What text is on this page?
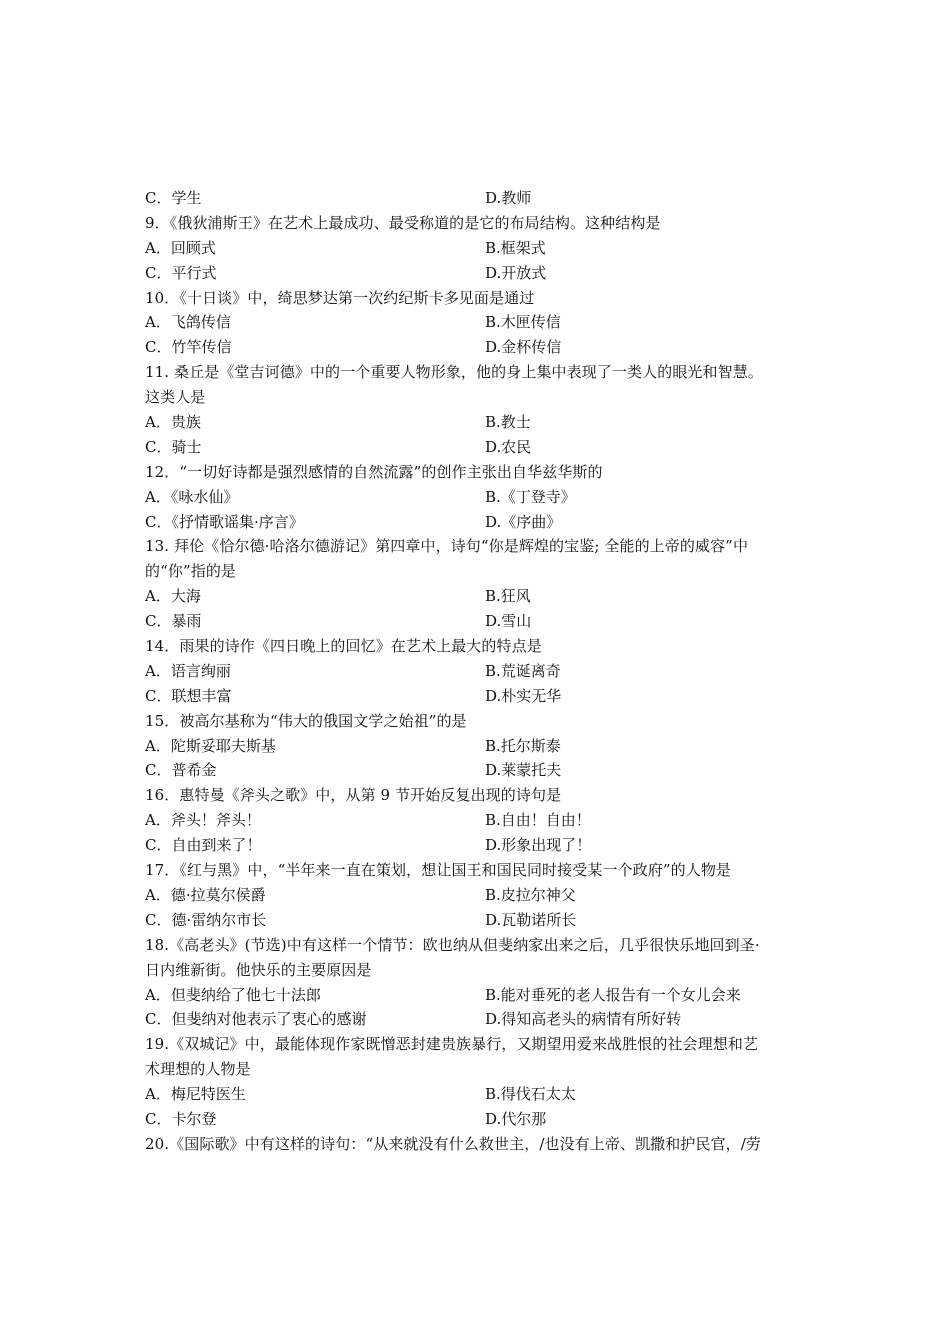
C．学生	D.教师
9．《俄狄浦斯王》在艺术上最成功、最受称道的是它的布局结构。这种结构是
A．回顾式	B.框架式
C．平行式	D.开放式
10．《十日谈》中，绮思梦达第一次约纪斯卡多见面是通过
A．飞鸽传信	B.木匣传信
C．竹竿传信	D.金杯传信
11. 桑丘是《堂吉诃德》中的一个重要人物形象，他的身上集中表现了一类人的眼光和智慧。
这类人是
A．贵族	B.教士
C．骑士	D.农民
12．“一切好诗都是强烈感情的自然流露”的创作主张出自华兹华斯的
A．《咏水仙》	B.《丁登寺》
C．《抒情歌谣集·序言》	D.《序曲》
13. 拜伦《恰尔德·哈洛尔德游记》第四章中，诗句“你是辉煌的宝鉴; 全能的上帝的威容”中
的“你”指的是
A．大海	B.狂风
C．暴雨	D.雪山
14．雨果的诗作《四日晚上的回忆》在艺术上最大的特点是
A．语言绚丽	B.荒诞离奇
C．联想丰富	D.朴实无华
15．被高尔基称为“伟大的俄国文学之始祖”的是
A．陀斯妥耶夫斯基	B.托尔斯泰
C．普希金	D.莱蒙托夫
16．惠特曼《斧头之歌》中，从第 9 节开始反复出现的诗句是
A．斧头！斧头！	B.自由！自由！
C．自由到来了！	D.形象出现了！
17．《红与黑》中，“半年来一直在策划，想让国王和国民同时接受某一个政府”的人物是
A．德·拉莫尔侯爵	B.皮拉尔神父
C．德·雷纳尔市长	D.瓦勒诺所长
18.《高老头》(节选)中有这样一个情节：欧也纳从但斐纳家出来之后，几乎很快乐地回到圣·
日内维新街。他快乐的主要原因是
A．但斐纳给了他七十法郎	B.能对垂死的老人报告有一个女儿会来
C．但斐纳对他表示了衷心的感谢	D.得知高老头的病情有所好转
19.《双城记》中，最能体现作家既憎恶封建贵族暴行，又期望用爱来战胜恨的社会理想和艺
术理想的人物是
A．梅尼特医生	B.得伐石太太
C．卡尔登	D.代尔那
20.《国际歌》中有这样的诗句：“从来就没有什么救世主，/也没有上帝、凯撒和护民官，/劳
